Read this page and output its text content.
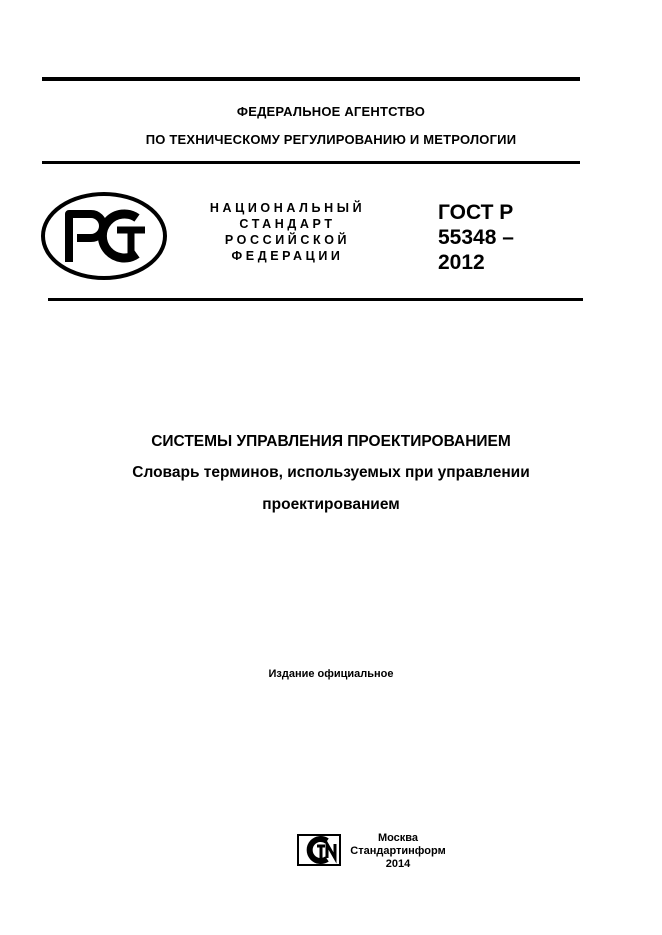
ФЕДЕРАЛЬНОЕ АГЕНТСТВО
ПО ТЕХНИЧЕСКОМУ РЕГУЛИРОВАНИЮ И МЕТРОЛОГИИ
НАЦИОНАЛЬНЫЙ
СТАНДАРТ
РОССИЙСКОЙ
ФЕДЕРАЦИИ
ГОСТ Р
55348 –
2012
СИСТЕМЫ УПРАВЛЕНИЯ ПРОЕКТИРОВАНИЕМ
Словарь терминов, используемых при управлении
проектированием
Издание официальное
Москва
Стандартинформ
2014
